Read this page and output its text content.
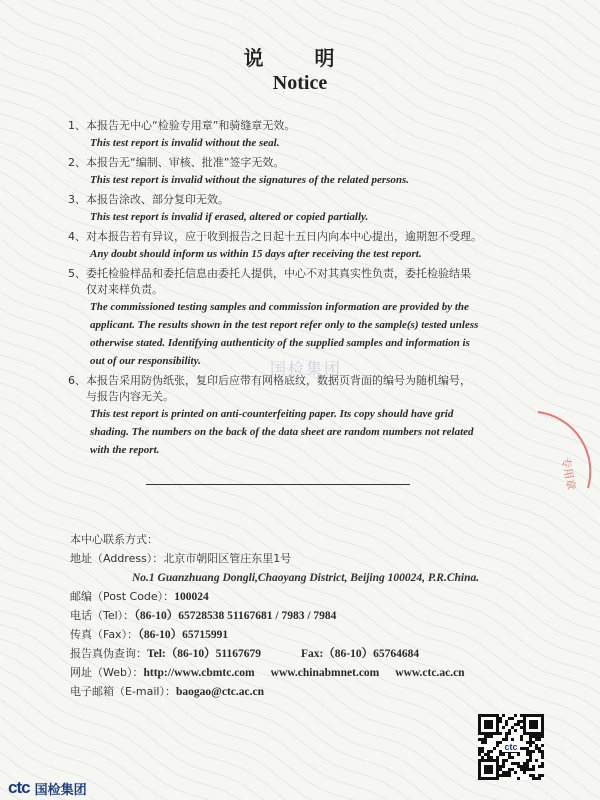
说 明
Notice
1、本报告无中心“检验专用章”和骑缝章无效。
This test report is invalid without the seal.
2、本报告无“编制、审核、批准”签字无效。
This test report is invalid without the signatures of the related persons.
3、本报告涂改、部分复印无效。
This test report is invalid if erased, altered or copied partially.
4、对本报告若有异议，应于收到报告之日起十五日内向本中心提出，逾期恕不受理。
Any doubt should inform us within 15 days after receiving the test report.
5、委托检验样品和委托信息由委托人提供，中心不对其真实性负责，委托检验结果
仅对来样负责。
The commissioned testing samples and commission information are provided by the
applicant. The results shown in the test report refer only to the sample(s) tested unless
otherwise stated. Identifying authenticity of the supplied samples and information is
out of our responsibility.
6、本报告采用防伪纸张，复印后应带有网格底纹，数据页背面的编号为随机编号，
与报告内容无关。
This test report is printed on anti-counterfeiting paper. Its copy should have grid
shading. The numbers on the back of the data sheet are random numbers not related
with the report.
国检集团
专用章
本中心联系方式：
地址（Address）：北京市朝阳区管庄东里1号
No.1 Guanzhuang Dongli,Chaoyang District, Beijing 100024, P.R.China.
邮编（Post Code）：100024
电话（Tel）：（86-10）65728538 51167681 / 7983 / 7984
传真（Fax）：（86-10）65715991
报告真伪查询：Tel:（86-10）51167679	Fax:（86-10）65764684
网址（Web）：http://www.cbmtc.com www.chinabmnet.com www.ctc.ac.cn
电子邮箱（E-mail）：baogao@ctc.ac.cn
ctc
ctc 国检集团
